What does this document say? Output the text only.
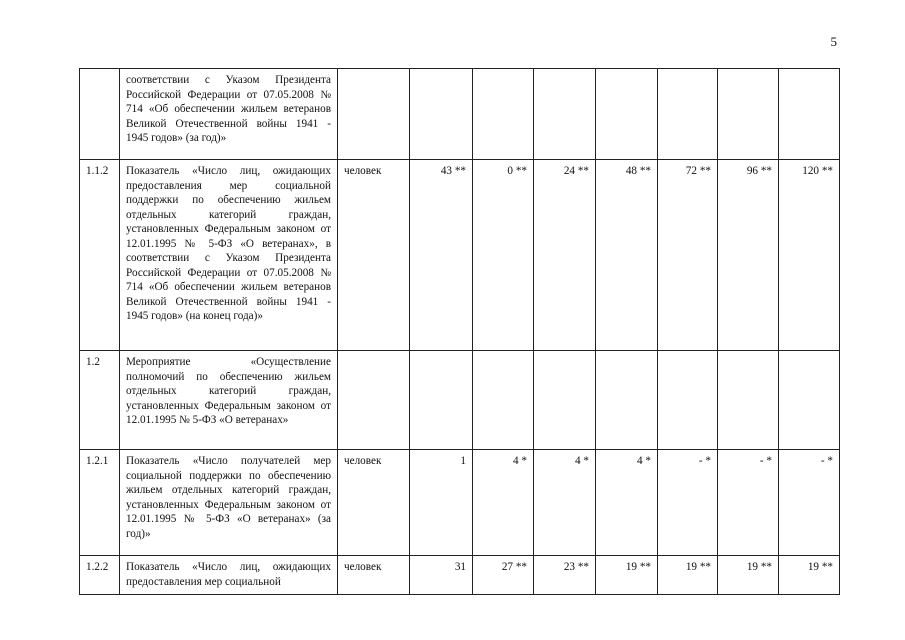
5
	соответствии с Указом Президента Российской Федерации от 07.05.2008 № 714 «Об обеспечении жильем ветеранов Великой Отечественной войны 1941 - 1945 годов» (за год)»								
1.1.2	Показатель «Число лиц, ожидающих предоставления мер социальной поддержки по обеспечению жильем отдельных категорий граждан, установленных Федеральным законом от 12.01.1995 № 5-ФЗ «О ветеранах», в соответствии с Указом Президента Российской Федерации от 07.05.2008 № 714 «Об обеспечении жильем ветеранов Великой Отечественной войны 1941 - 1945 годов» (на конец года)»	человек	43 **	0 **	24 **	48 **	72 **	96 **	120 **
1.2	Мероприятие «Осуществление полномочий по обеспечению жильем отдельных категорий граждан, установленных Федеральным законом от 12.01.1995 № 5-ФЗ «О ветеранах»								
1.2.1	Показатель «Число получателей мер социальной поддержки по обеспечению жильем отдельных категорий граждан, установленных Федеральным законом от 12.01.1995 № 5-ФЗ «О ветеранах» (за год)»	человек	1	4 *	4 *	4 *	- *	- *	- *
1.2.2	Показатель «Число лиц, ожидающих предоставления мер социальной	человек	31	27 **	23 **	19 **	19 **	19 **	19 **
